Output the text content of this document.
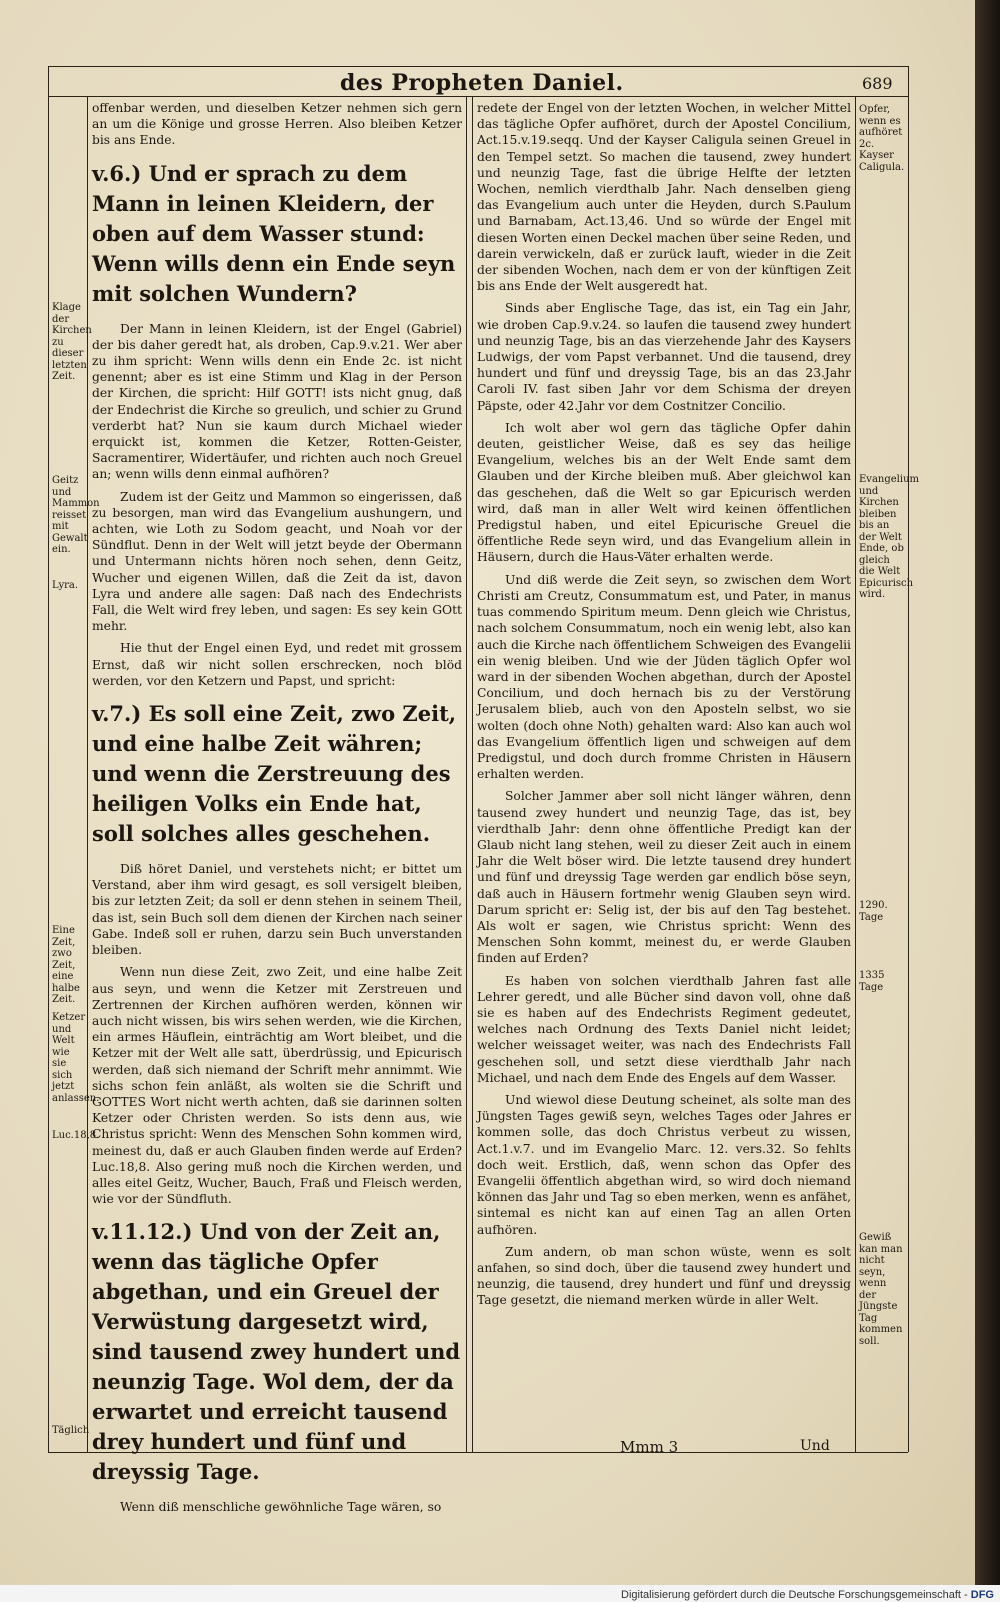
des Propheten Daniel.	689

offenbar werden, und dieselben Ketzer nehmen sich gern an um die Könige und grosse Herren. Also bleiben Ketzer bis ans Ende.

v.6.) Und er sprach zu dem Mann in leinen Kleidern, der oben auf dem Wasser stund: Wenn wills denn ein Ende seyn mit solchen Wundern?

Der Mann in leinen Kleidern, ist der Engel (Gabriel) der bis daher geredt hat, als droben, Cap.9.v.21. Wer aber zu ihm spricht: Wenn wills denn ein Ende 2c. ist nicht genennt; aber es ist eine Stimm und Klag in der Person der Kirchen, die spricht: Hilf GOTT! ists nicht gnug, daß der Endechrist die Kirche so greulich, und schier zu Grund verderbt hat? Nun sie kaum durch Michael wieder erquickt ist, kommen die Ketzer, Rotten-Geister, Sacramentirer, Widertäufer, und richten auch noch Greuel an; wenn wills denn einmal aufhören?

Zudem ist der Geitz und Mammon so eingerissen, daß zu besorgen, man wird das Evangelium aushungern, und achten, wie Loth zu Sodom geacht, und Noah vor der Sündflut. Denn in der Welt will jetzt beyde der Obermann und Untermann nichts hören noch sehen, denn Geitz, Wucher und eigenen Willen, daß die Zeit da ist, davon Lyra und andere alle sagen: Daß nach des Endechrists Fall, die Welt wird frey leben, und sagen: Es sey kein GOtt mehr.

Hie thut der Engel einen Eyd, und redet mit grossem Ernst, daß wir nicht sollen erschrecken, noch blöd werden, vor den Ketzern und Papst, und spricht:

v.7.) Es soll eine Zeit, zwo Zeit, und eine halbe Zeit währen; und wenn die Zerstreuung des heiligen Volks ein Ende hat, soll solches alles geschehen.

Diß höret Daniel, und verstehets nicht; er bittet um Verstand, aber ihm wird gesagt, es soll versigelt bleiben, bis zur letzten Zeit; da soll er denn stehen in seinem Theil, das ist, sein Buch soll dem dienen der Kirchen nach seiner Gabe. Indeß soll er ruhen, darzu sein Buch unverstanden bleiben.

Wenn nun diese Zeit, zwo Zeit, und eine halbe Zeit aus seyn, und wenn die Ketzer mit Zerstreuen und Zertrennen der Kirchen aufhören werden, können wir auch nicht wissen, bis wirs sehen werden, wie die Kirchen, ein armes Häuflein, einträchtig am Wort bleibet, und die Ketzer mit der Welt alle satt, überdrüssig, und Epicurisch werden, daß sich niemand der Schrift mehr annimmt. Wie sichs schon fein anläßt, als wolten sie die Schrift und GOTTES Wort nicht werth achten, daß sie darinnen solten Ketzer oder Christen werden. So ists denn aus, wie Christus spricht: Wenn des Menschen Sohn kommen wird, meinest du, daß er auch Glauben finden werde auf Erden? Luc.18,8. Also gering muß noch die Kirchen werden, und alles eitel Geitz, Wucher, Bauch, Fraß und Fleisch werden, wie vor der Sündfluth.

v.11.12.) Und von der Zeit an, wenn das tägliche Opfer abgethan, und ein Greuel der Verwüstung dargesetzt wird, sind tausend zwey hundert und neunzig Tage. Wol dem, der da erwartet und erreicht tausend drey hundert und fünf und dreyssig Tage.

Wenn diß menschliche gewöhnliche Tage wären, so

redete der Engel von der letzten Wochen, in welcher Mittel das tägliche Opfer aufhöret, durch der Apostel Concilium, Act.15.v.19.seqq. Und der Kayser Caligula seinen Greuel in den Tempel setzt. So machen die tausend, zwey hundert und neunzig Tage, fast die übrige Helfte der letzten Wochen, nemlich vierdthalb Jahr. Nach denselben gieng das Evangelium auch unter die Heyden, durch S.Paulum und Barnabam, Act.13,46. Und so würde der Engel mit diesen Worten einen Deckel machen über seine Reden, und darein verwickeln, daß er zurück lauft, wieder in die Zeit der sibenden Wochen, nach dem er von der künftigen Zeit bis ans Ende der Welt ausgeredt hat.

Sinds aber Englische Tage, das ist, ein Tag ein Jahr, wie droben Cap.9.v.24. so laufen die tausend zwey hundert und neunzig Tage, bis an das vierzehende Jahr des Kaysers Ludwigs, der vom Papst verbannet. Und die tausend, drey hundert und fünf und dreyssig Tage, bis an das 23.Jahr Caroli IV. fast siben Jahr vor dem Schisma der dreyen Päpste, oder 42.Jahr vor dem Costnitzer Concilio.

Ich wolt aber wol gern das tägliche Opfer dahin deuten, geistlicher Weise, daß es sey das heilige Evangelium, welches bis an der Welt Ende samt dem Glauben und der Kirche bleiben muß. Aber gleichwol kan das geschehen, daß die Welt so gar Epicurisch werden wird, daß man in aller Welt wird keinen öffentlichen Predigstul haben, und eitel Epicurische Greuel die öffentliche Rede seyn wird, und das Evangelium allein in Häusern, durch die Haus-Väter erhalten werde.

Und diß werde die Zeit seyn, so zwischen dem Wort Christi am Creutz, Consummatum est, und Pater, in manus tuas commendo Spiritum meum. Denn gleich wie Christus, nach solchem Consummatum, noch ein wenig lebt, also kan auch die Kirche nach öffentlichem Schweigen des Evangelii ein wenig bleiben. Und wie der Jüden täglich Opfer wol ward in der sibenden Wochen abgethan, durch der Apostel Concilium, und doch hernach bis zu der Verstörung Jerusalem blieb, auch von den Aposteln selbst, wo sie wolten (doch ohne Noth) gehalten ward: Also kan auch wol das Evangelium öffentlich ligen und schweigen auf dem Predigstul, und doch durch fromme Christen in Häusern erhalten werden.

Solcher Jammer aber soll nicht länger währen, denn tausend zwey hundert und neunzig Tage, das ist, bey vierdthalb Jahr: denn ohne öffentliche Predigt kan der Glaub nicht lang stehen, weil zu dieser Zeit auch in einem Jahr die Welt böser wird. Die letzte tausend drey hundert und fünf und dreyssig Tage werden gar endlich böse seyn, daß auch in Häusern fortmehr wenig Glauben seyn wird. Darum spricht er: Selig ist, der bis auf den Tag bestehet. Als wolt er sagen, wie Christus spricht: Wenn des Menschen Sohn kommt, meinest du, er werde Glauben finden auf Erden?

Es haben von solchen vierdthalb Jahren fast alle Lehrer geredt, und alle Bücher sind davon voll, ohne daß sie es haben auf des Endechrists Regiment gedeutet, welches nach Ordnung des Texts Daniel nicht leidet; welcher weissaget weiter, was nach des Endechrists Fall geschehen soll, und setzt diese vierdthalb Jahr nach Michael, und nach dem Ende des Engels auf dem Wasser.

Und wiewol diese Deutung scheinet, als solte man des Jüngsten Tages gewiß seyn, welches Tages oder Jahres er kommen solle, das doch Christus verbeut zu wissen, Act.1.v.7. und im Evangelio Marc. 12. vers.32. So fehlts doch weit. Erstlich, daß, wenn schon das Opfer des Evangelii öffentlich abgethan wird, so wird doch niemand können das Jahr und Tag so eben merken, wenn es anfähet, sintemal es nicht kan auf einen Tag an allen Orten aufhören.

Zum andern, ob man schon wüste, wenn es solt anfahen, so sind doch, über die tausend zwey hundert und neunzig, die tausend, drey hundert und fünf und dreyssig Tage gesetzt, die niemand merken würde in aller Welt.

Klage der Kirchen zu dieser letzten Zeit.
Geitz und Mammon reisset mit Gewalt ein.
Lyra.
Eine Zeit, zwo Zeit, eine halbe Zeit.
Ketzer und Welt wie sie sich jetzt anlassen.
Luc.18,8.
Täglich
Opfer, wenn es aufhöret 2c. Kayser Caligula.
Evangelium und Kirchen bleiben bis an der Welt Ende, ob gleich die Welt Epicurisch wird.
1290. Tage
1335 Tage
Gewiß kan man nicht seyn, wenn der Jüngste Tag kommen soll.
Mmm 3	Und
Digitalisierung gefördert durch die Deutsche Forschungsgemeinschaft - DFG
